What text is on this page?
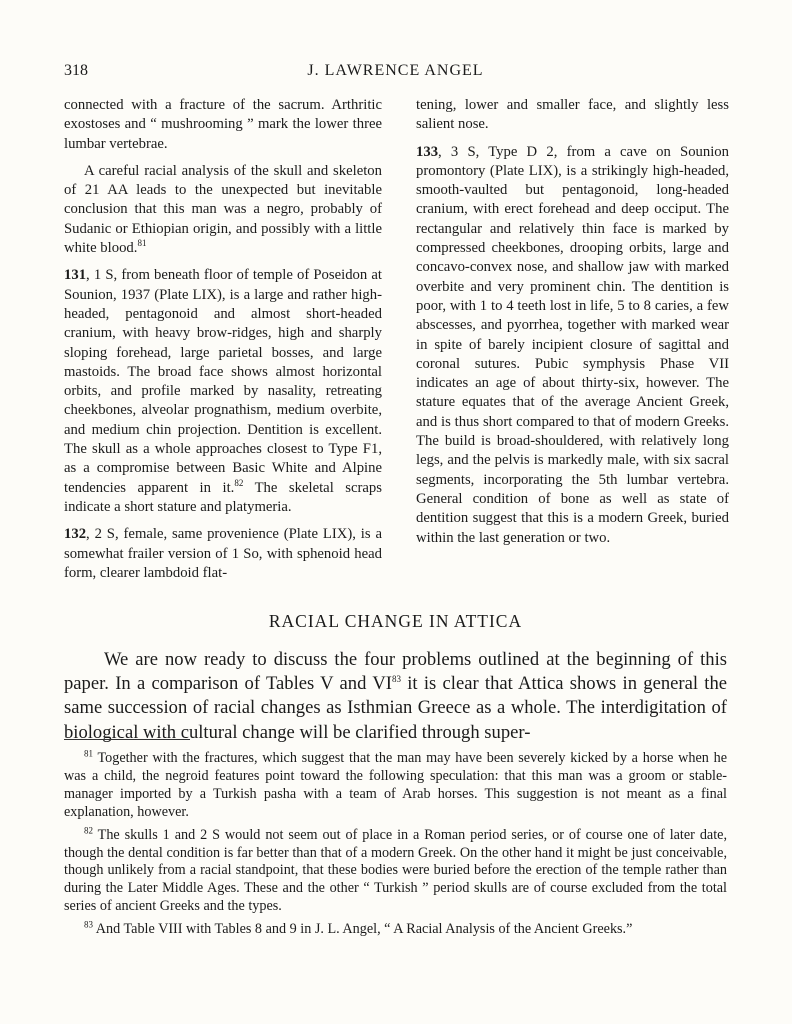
318	J. LAWRENCE ANGEL

connected with a fracture of the sacrum. Arthritic exostoses and “ mushrooming ” mark the lower three lumbar vertebrae.

A careful racial analysis of the skull and skeleton of 21 AA leads to the unexpected but inevitable conclusion that this man was a negro, probably of Sudanic or Ethiopian origin, and possibly with a little white blood.$^{81}$

131, 1 S, from beneath floor of temple of Poseidon at Sounion, 1937 (Plate LIX), is a large and rather high-headed, pentagonoid and almost short-headed cranium, with heavy brow-ridges, high and sharply sloping forehead, large parietal bosses, and large mastoids. The broad face shows almost horizontal orbits, and profile marked by nasality, retreating cheekbones, alveolar prognathism, medium overbite, and medium chin projection. Dentition is excellent. The skull as a whole approaches closest to Type F1, as a compromise between Basic White and Alpine tendencies apparent in it.$^{82}$ The skeletal scraps indicate a short stature and platymeria.

132, 2 S, female, same provenience (Plate LIX), is a somewhat frailer version of 1 So, with sphenoid head form, clearer lambdoid flat-

tening, lower and smaller face, and slightly less salient nose.

133, 3 S, Type D 2, from a cave on Sounion promontory (Plate LIX), is a strikingly high-headed, smooth-vaulted but pentagonoid, long-headed cranium, with erect forehead and deep occiput. The rectangular and relatively thin face is marked by compressed cheekbones, drooping orbits, large and concavo-convex nose, and shallow jaw with marked overbite and very prominent chin. The dentition is poor, with 1 to 4 teeth lost in life, 5 to 8 caries, a few abscesses, and pyorrhea, together with marked wear in spite of barely incipient closure of sagittal and coronal sutures. Pubic symphysis Phase VII indicates an age of about thirty-six, however. The stature equates that of the average Ancient Greek, and is thus short compared to that of modern Greeks. The build is broad-shouldered, with relatively long legs, and the pelvis is markedly male, with six sacral segments, incorporating the 5th lumbar vertebra. General condition of bone as well as state of dentition suggest that this is a modern Greek, buried within the last generation or two.

RACIAL CHANGE IN ATTICA

We are now ready to discuss the four problems outlined at the beginning of this paper. In a comparison of Tables V and VI$^{83}$ it is clear that Attica shows in general the same succession of racial changes as Isthmian Greece as a whole. The interdigitation of biological with cultural change will be clarified through super-

$^{81}$ Together with the fractures, which suggest that the man may have been severely kicked by a horse when he was a child, the negroid features point toward the following speculation: that this man was a groom or stable-manager imported by a Turkish pasha with a team of Arab horses. This suggestion is not meant as a final explanation, however.

$^{82}$ The skulls 1 and 2 S would not seem out of place in a Roman period series, or of course one of later date, though the dental condition is far better than that of a modern Greek. On the other hand it might be just conceivable, though unlikely from a racial standpoint, that these bodies were buried before the erection of the temple rather than during the Later Middle Ages. These and the other “ Turkish ” period skulls are of course excluded from the total series of ancient Greeks and the types.

$^{83}$ And Table VIII with Tables 8 and 9 in J. L. Angel, “ A Racial Analysis of the Ancient Greeks.”
